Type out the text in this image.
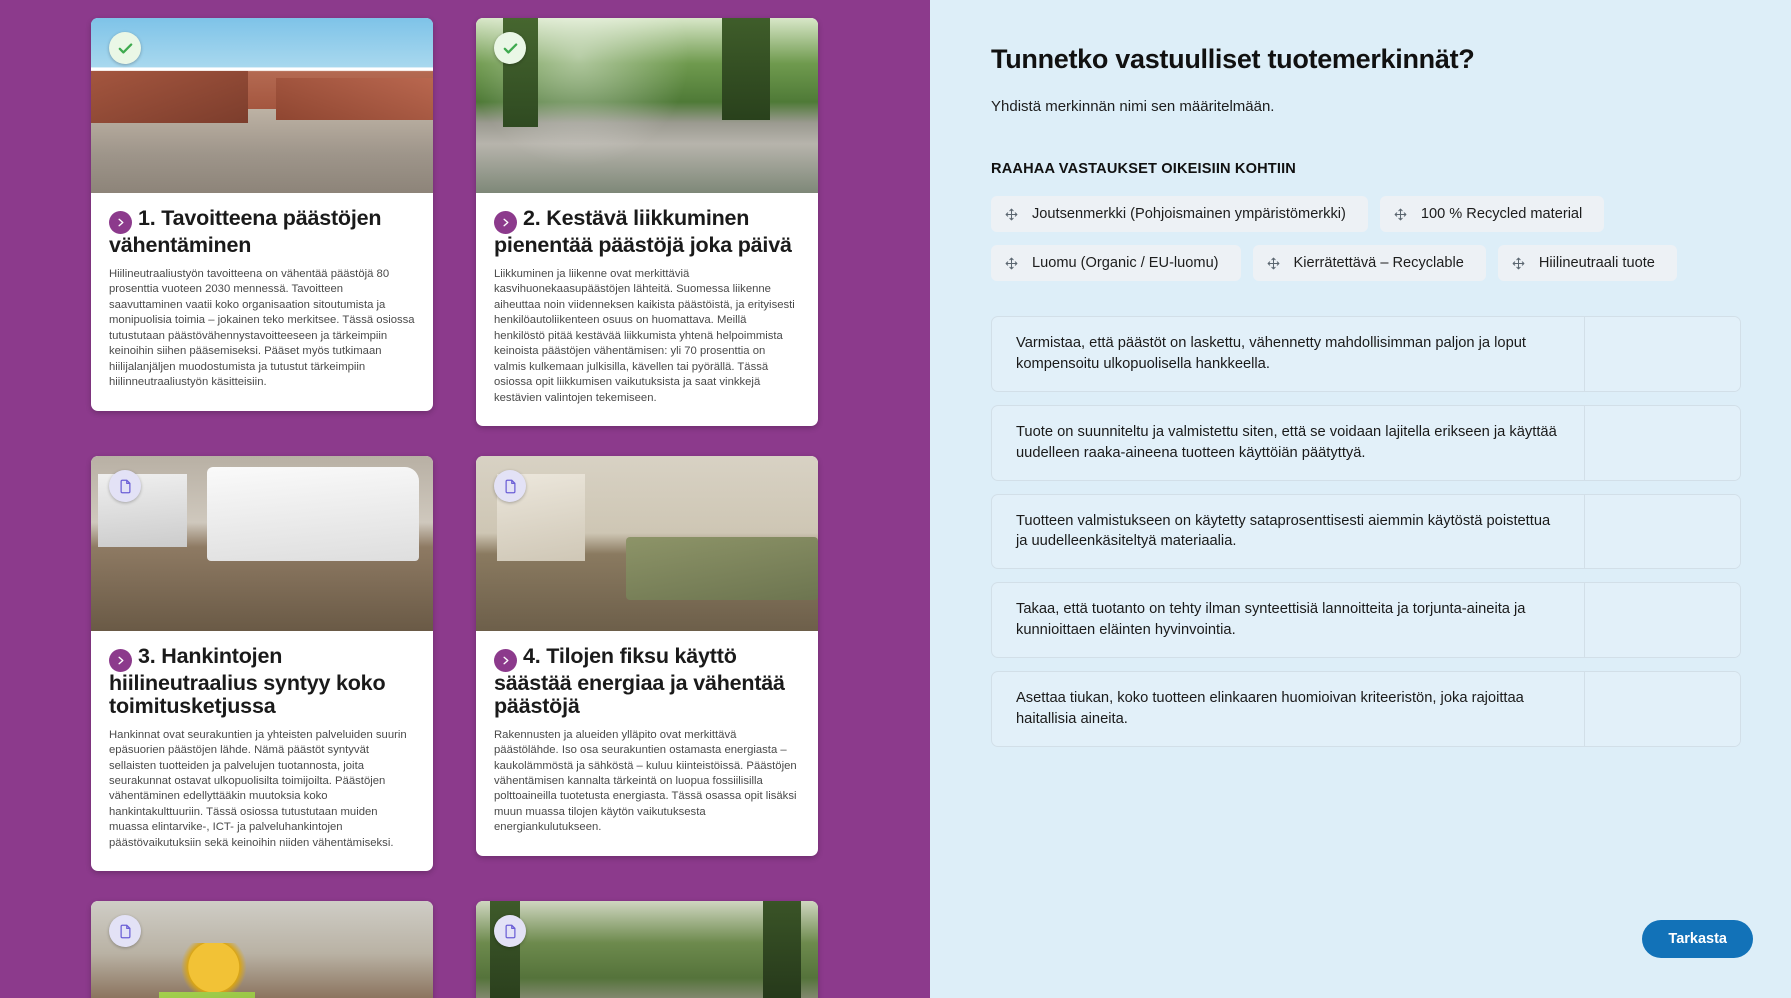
1. Tavoitteena päästöjen vähentäminen
Hiilineutraaliustyön tavoitteena on vähentää päästöjä 80 prosenttia vuoteen 2030 mennessä. Tavoitteen saavuttaminen vaatii koko organisaation sitoutumista ja monipuolisia toimia – jokainen teko merkitsee. Tässä osiossa tutustutaan päästövähennystavoitteeseen ja tärkeimpiin keinoihin siihen pääsemiseksi. Pääset myös tutkimaan hiilijalanjäljen muodostumista ja tutustut tärkeimpiin hiilinneutraaliustyön käsitteisiin.
2. Kestävä liikkuminen pienentää päästöjä joka päivä
Liikkuminen ja liikenne ovat merkittäviä kasvihuonekaasupäästöjen lähteitä. Suomessa liikenne aiheuttaa noin viidenneksen kaikista päästöistä, ja erityisesti henkilöautoliikenteen osuus on huomattava. Meillä henkilöstö pitää kestävää liikkumista yhtenä helpoimmista keinoista päästöjen vähentämisen: yli 70 prosenttia on valmis kulkemaan julkisilla, kävellen tai pyörällä. Tässä osiossa opit liikkumisen vaikutuksista ja saat vinkkejä kestävien valintojen tekemiseen.
3. Hankintojen hiilineutraalius syntyy koko toimitusketjussa
Hankinnat ovat seurakuntien ja yhteisten palveluiden suurin epäsuorien päästöjen lähde. Nämä päästöt syntyvät sellaisten tuotteiden ja palvelujen tuotannosta, joita seurakunnat ostavat ulkopuolisilta toimijoilta. Päästöjen vähentäminen edellyttääkin muutoksia koko hankintakulttuuriin. Tässä osiossa tutustutaan muiden muassa elintarvike-, ICT- ja palveluhankintojen päästövaikutuksiin sekä keinoihin niiden vähentämiseksi.
4. Tilojen fiksu käyttö säästää energiaa ja vähentää päästöjä
Rakennusten ja alueiden ylläpito ovat merkittävä päästölähde. Iso osa seurakuntien ostamasta energiasta – kaukolämmöstä ja sähköstä – kuluu kiinteistöissä. Päästöjen vähentämisen kannalta tärkeintä on luopua fossiilisilla polttoaineilla tuotetusta energiasta. Tässä osassa opit lisäksi muun muassa tilojen käytön vaikutuksesta energiankulutukseen.
Tunnetko vastuulliset tuotemerkinnät?

Yhdistä merkinnän nimi sen määritelmään.

RAAHAA VASTAUKSET OIKEISIIN KOHTIIN
Joutsenmerkki (Pohjoismainen ympäristömerkki)	100 % Recycled material
Luomu (Organic / EU-luomu)	Kierrätettävä – Recyclable	Hiilineutraali tuote
Varmistaa, että päästöt on laskettu, vähennetty mahdollisimman paljon ja loput kompensoitu ulkopuolisella hankkeella.
Tuote on suunniteltu ja valmistettu siten, että se voidaan lajitella erikseen ja käyttää uudelleen raaka-aineena tuotteen käyttöiän päätyttyä.
Tuotteen valmistukseen on käytetty sataprosenttisesti aiemmin käytöstä poistettua ja uudelleenkäsiteltyä materiaalia.
Takaa, että tuotanto on tehty ilman synteettisiä lannoitteita ja torjunta-aineita ja kunnioittaen eläinten hyvinvointia.
Asettaa tiukan, koko tuotteen elinkaaren huomioivan kriteeristön, joka rajoittaa haitallisia aineita.
Tarkasta
